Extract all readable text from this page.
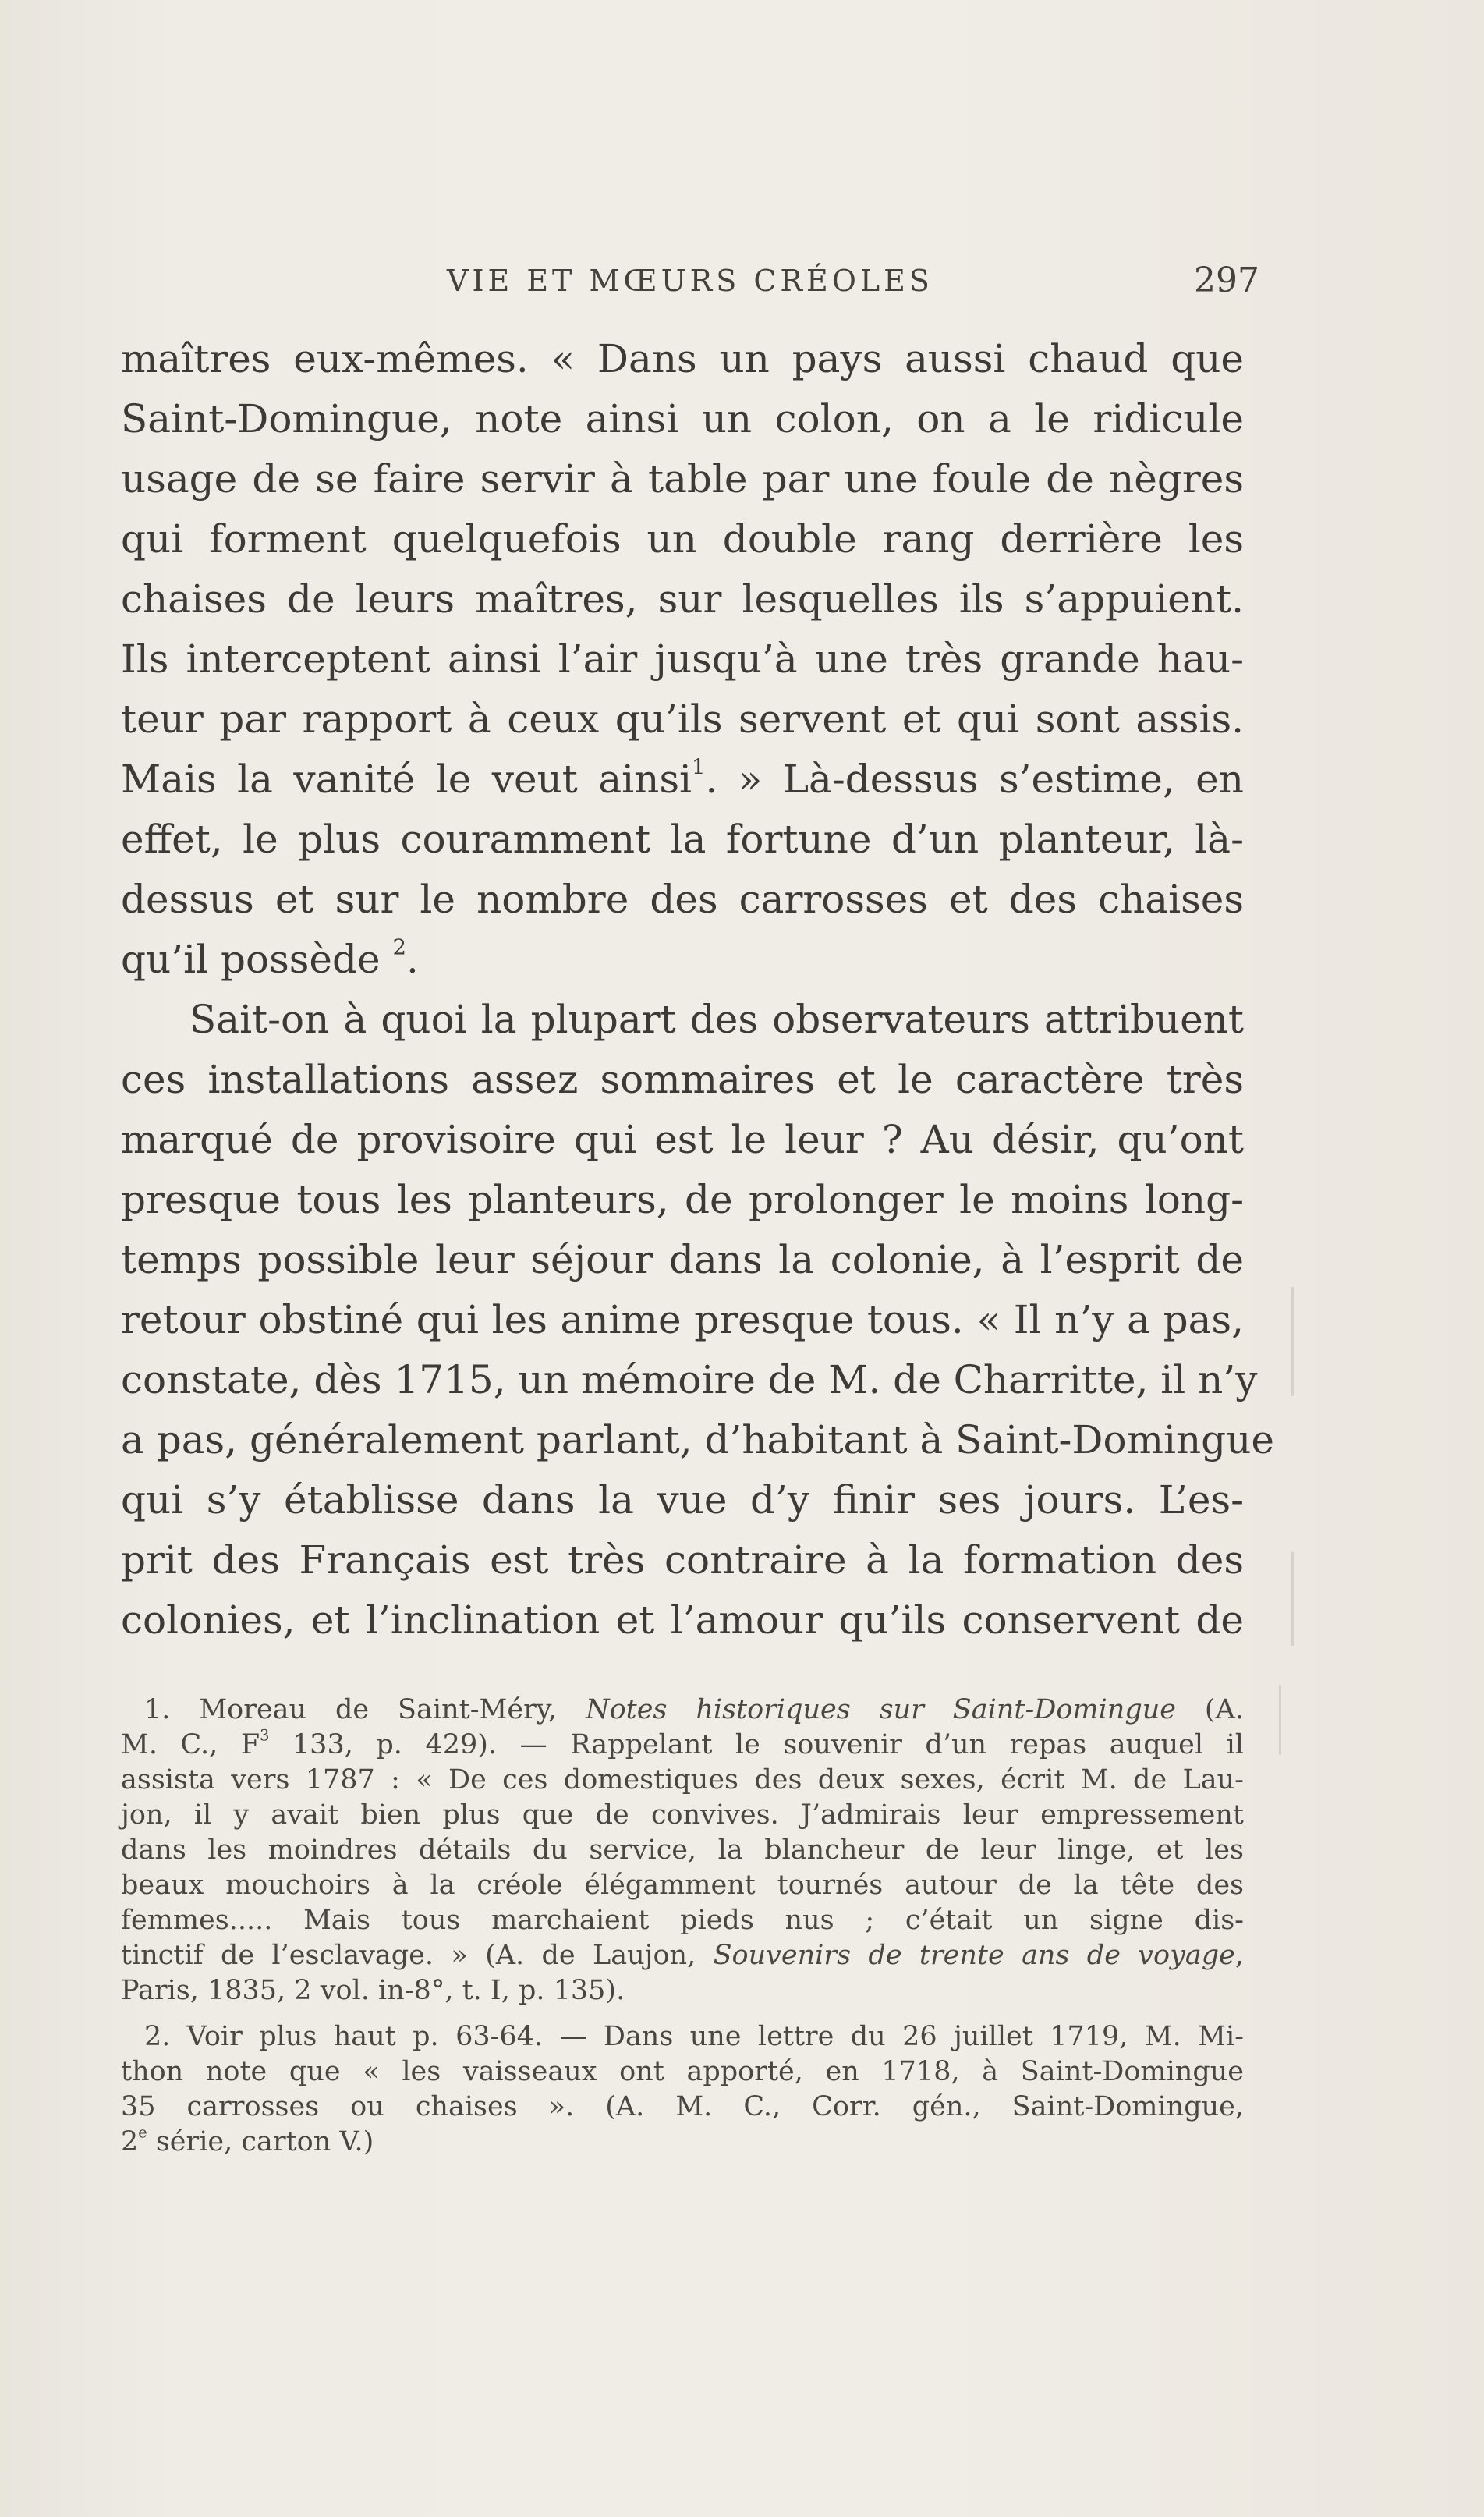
VIE ET MŒURS CRÉOLES	297
maîtres eux-mêmes. « Dans un pays aussi chaud que
Saint-Domingue, note ainsi un colon, on a le ridicule
usage de se faire servir à table par une foule de nègres
qui forment quelquefois un double rang derrière les
chaises de leurs maîtres, sur lesquelles ils s’appuient.
Ils interceptent ainsi l’air jusqu’à une très grande hau-
teur par rapport à ceux qu’ils servent et qui sont assis.
Mais la vanité le veut ainsi$^1$. » Là-dessus s’estime, en
effet, le plus couramment la fortune d’un planteur, là-
dessus et sur le nombre des carrosses et des chaises
qu’il possède $^2$.
Sait-on à quoi la plupart des observateurs attribuent
ces installations assez sommaires et le caractère très
marqué de provisoire qui est le leur ? Au désir, qu’ont
presque tous les planteurs, de prolonger le moins long-
temps possible leur séjour dans la colonie, à l’esprit de
retour obstiné qui les anime presque tous. « Il n’y a pas,
constate, dès 1715, un mémoire de M. de Charritte, il n’y
a pas, généralement parlant, d’habitant à Saint-Domingue
qui s’y établisse dans la vue d’y finir ses jours. L’es-
prit des Français est très contraire à la formation des
colonies, et l’inclination et l’amour qu’ils conservent de
1. Moreau de Saint-Méry, Notes historiques sur Saint-Domingue (A.
M. C., $F^3$ 133, p. 429). — Rappelant le souvenir d’un repas auquel il
assista vers 1787 : « De ces domestiques des deux sexes, écrit M. de Lau-
jon, il y avait bien plus que de convives. J’admirais leur empressement
dans les moindres détails du service, la blancheur de leur linge, et les
beaux mouchoirs à la créole élégamment tournés autour de la tête des
femmes..... Mais tous marchaient pieds nus ; c’était un signe dis-
tinctif de l’esclavage. » (A. de Laujon, Souvenirs de trente ans de voyage,
Paris, 1835, 2 vol. in-8°, t. I, p. 135).
2. Voir plus haut p. 63-64. — Dans une lettre du 26 juillet 1719, M. Mi-
thon note que « les vaisseaux ont apporté, en 1718, à Saint-Domingue
35 carrosses ou chaises ». (A. M. C., Corr. gén., Saint-Domingue,
2e série, carton V.)
